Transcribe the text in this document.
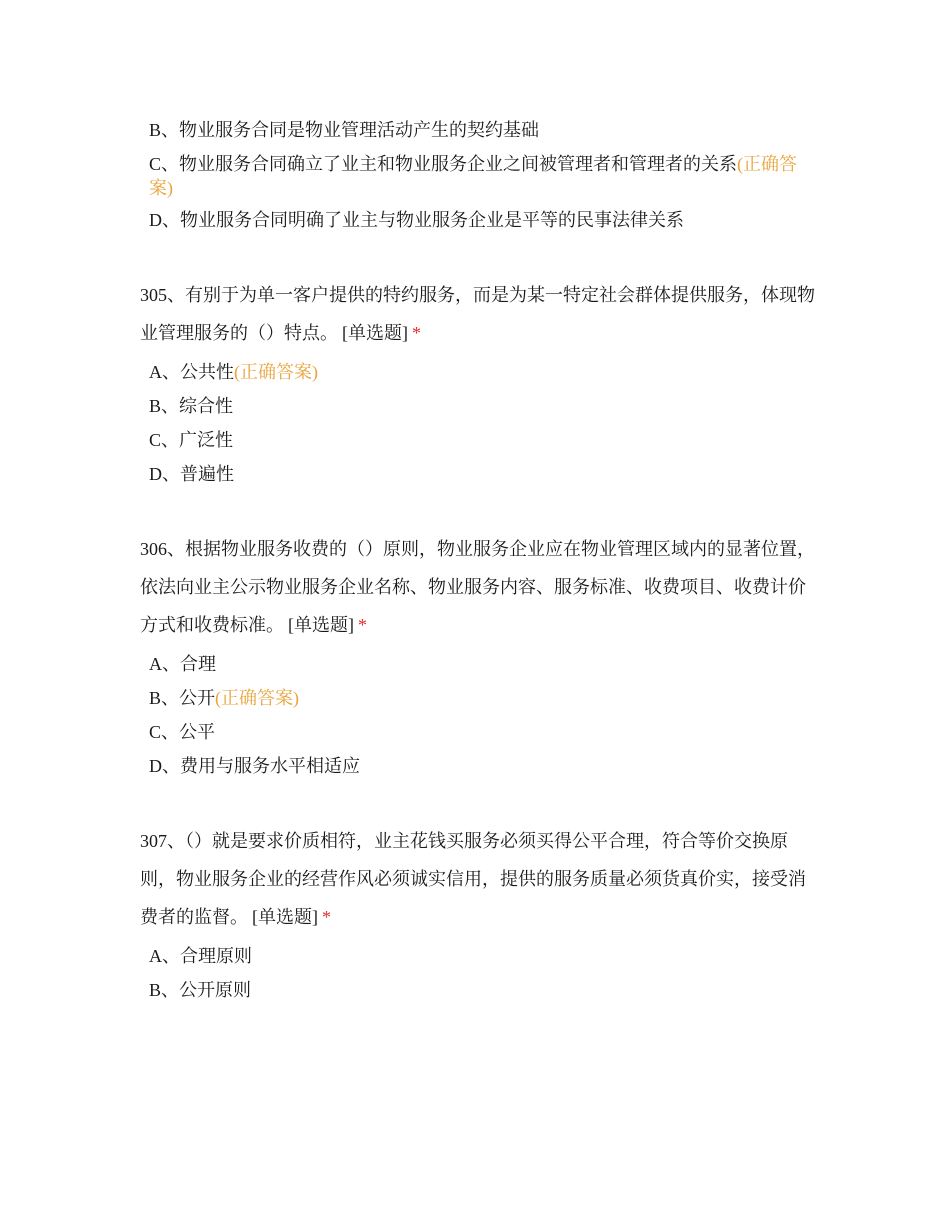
B、物业服务合同是物业管理活动产生的契约基础
C、物业服务合同确立了业主和物业服务企业之间被管理者和管理者的关系(正确答案)
D、物业服务合同明确了业主与物业服务企业是平等的民事法律关系
305、有别于为单一客户提供的特约服务，而是为某一特定社会群体提供服务，体现物业管理服务的（）特点。 [单选题] *
A、公共性(正确答案)
B、综合性
C、广泛性
D、普遍性
306、根据物业服务收费的（）原则，物业服务企业应在物业管理区域内的显著位置，依法向业主公示物业服务企业名称、物业服务内容、服务标准、收费项目、收费计价方式和收费标准。 [单选题] *
A、合理
B、公开(正确答案)
C、公平
D、费用与服务水平相适应
307、（）就是要求价质相符，业主花钱买服务必须买得公平合理，符合等价交换原则，物业服务企业的经营作风必须诚实信用，提供的服务质量必须货真价实，接受消费者的监督。 [单选题] *
A、合理原则
B、公开原则
